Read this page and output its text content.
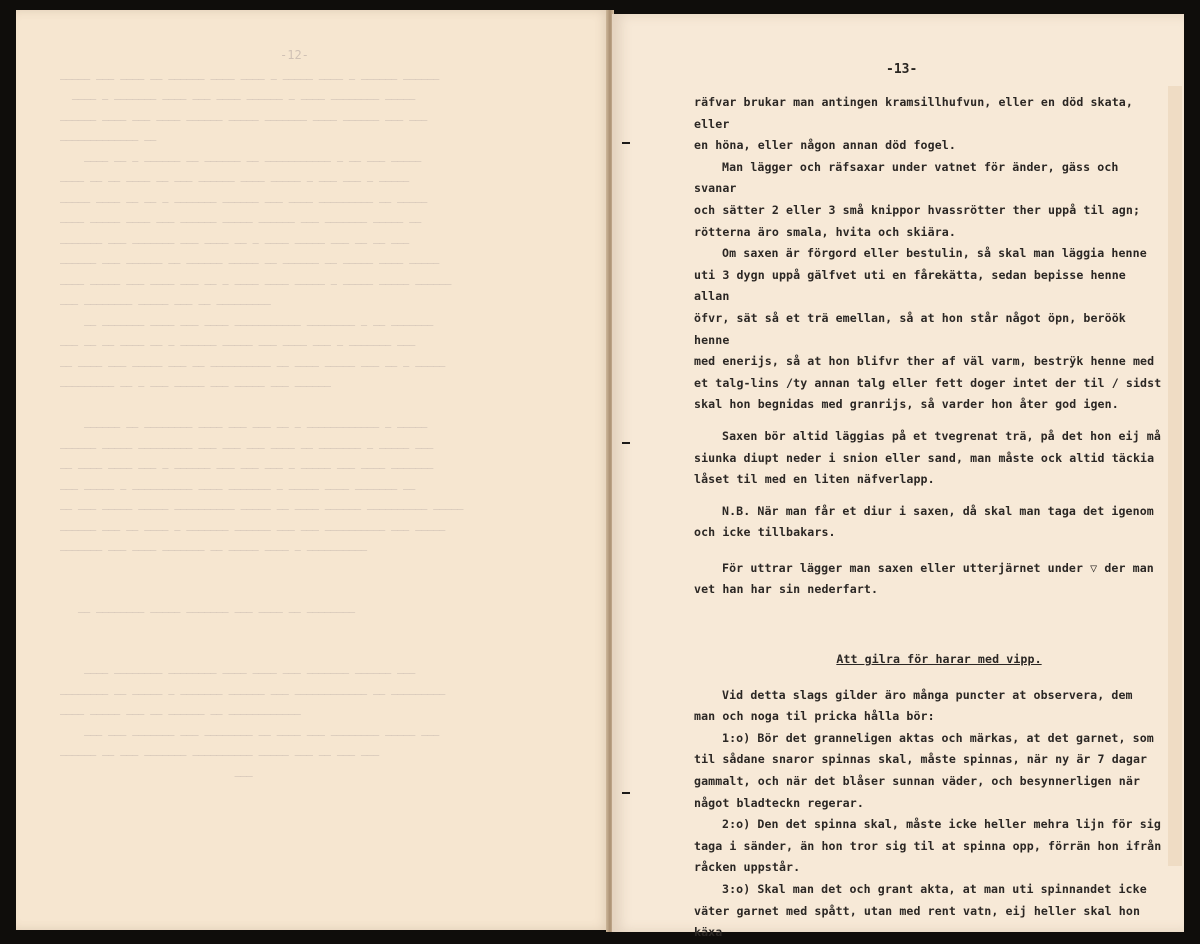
-12-

───── ─── ──── ── ────── ──── ──── ─ ───── ──── ─ ────── ──────
──── ─ ─────── ──── ─── ──── ────── ─ ──── ──────── ─────
────── ──── ─── ──── ────── ───── ─────── ──── ────── ─── ───
───────────── ──
──── ── ─ ────── ── ────── ── ─────────── ─ ── ─── ─────
──── ── ── ──── ── ─── ────── ──── ───── ─ ─── ─── ─ ─────
───── ──── ── ── ─ ─────── ────── ─── ──── ───────── ── ─────
──── ───── ──── ─── ────── ───── ────── ─── ─────── ───── ──
─────── ─── ─────── ─── ──── ── ─ ──── ───── ─── ── ── ───
────── ─── ────── ── ────── ───── ── ────── ── ───── ──── ─────
──── ───── ─── ──── ─── ── ─ ──── ──── ───── ─ ───── ───── ──────
─── ──────── ───── ─── ── ─────────
── ─────── ──── ─── ──── ─────────── ──────── ─ ── ───────
─── ── ── ──── ── ─ ────── ───── ─── ──── ─── ─ ─────── ───
── ──── ─── ───── ─── ── ────────── ── ──── ───── ─── ── ─ ─────
───────── ── ─ ─── ───── ─── ───── ─── ──────

────── ── ──────── ──── ─── ─── ── ─ ──────────── ─ ─────
────── ───── ───────── ─── ─── ─── ──── ── ─────── ─ ───── ───
── ──── ──── ─── ─ ────── ─── ─── ─── ─ ───── ─── ──── ───────
─── ───── ─ ────────── ──── ─────── ─ ───── ──── ─────── ──
── ─── ───── ───── ────────── ───── ── ──── ────── ────────── ─────
────── ─── ── ──── ─ ─────── ────── ─── ─── ────────── ─── ─────
─────── ─── ──── ─────── ── ───── ──── ─ ──────────

── ──────── ───── ─────── ─── ──── ── ────────

──── ──────── ──────── ──── ──── ─── ─────── ────── ───
──────── ── ───── ─ ─────── ────── ─── ──────────── ── ─────────
──── ───── ─── ── ────── ── ────────────
─── ─── ─────── ─── ──────── ── ──── ─── ──────── ───── ───
────── ── ─── ─────── ────────── ───── ─── ── ─── ───
───

-13-

räfvar brukar man antingen kramsillhufvun, eller en död skata, eller

en höna, eller någon annan död fogel.

Man lägger och räfsaxar under vatnet för änder, gäss och svanar

och sätter 2 eller 3 små knippor hvassrötter ther uppå til agn;

rötterna äro smala, hvita och skiära.

Om saxen är förgord eller bestulin, så skal man läggia henne

uti 3 dygn uppå gälfvet uti en fårekätta, sedan bepisse henne allan

öfvr, sät så et trä emellan, så at hon står något öpn, beröök henne

med enerijs, så at hon blifvr ther af väl varm, bestrÿk henne med

et talg-lins /ty annan talg eller fett doger intet der til / sidst

skal hon begnidas med granrijs, så varder hon åter god igen.

Saxen bör altid läggias på et tvegrenat trä, på det hon eij må

siunka diupt neder i snion eller sand, man måste ock altid täckia

låset til med en liten näfverlapp.

N.B. När man får et diur i saxen, då skal man taga det igenom

och icke tillbakars.

För uttrar lägger man saxen eller utterjärnet under ▽ der man

vet han har sin nederfart.

Att gilra för harar med vipp.

Vid detta slags gilder äro många puncter at observera, dem

man och noga til pricka hålla bör:

1:o) Bör det granneligen aktas och märkas, at det garnet, som

til sådane snaror spinnas skal, måste spinnas, när ny är 7 dagar

gammalt, och när det blåser sunnan väder, och besynnerligen när

något bladteckn regerar.

2:o) Den det spinna skal, måste icke heller mehra lijn för sig

taga i sänder, än hon tror sig til at spinna opp, förrän hon ifrån

råcken uppstår.

3:o) Skal man det och grant akta, at man uti spinnandet icke

väter garnet med spått, utan med rent vatn, eij heller skal hon käxa
